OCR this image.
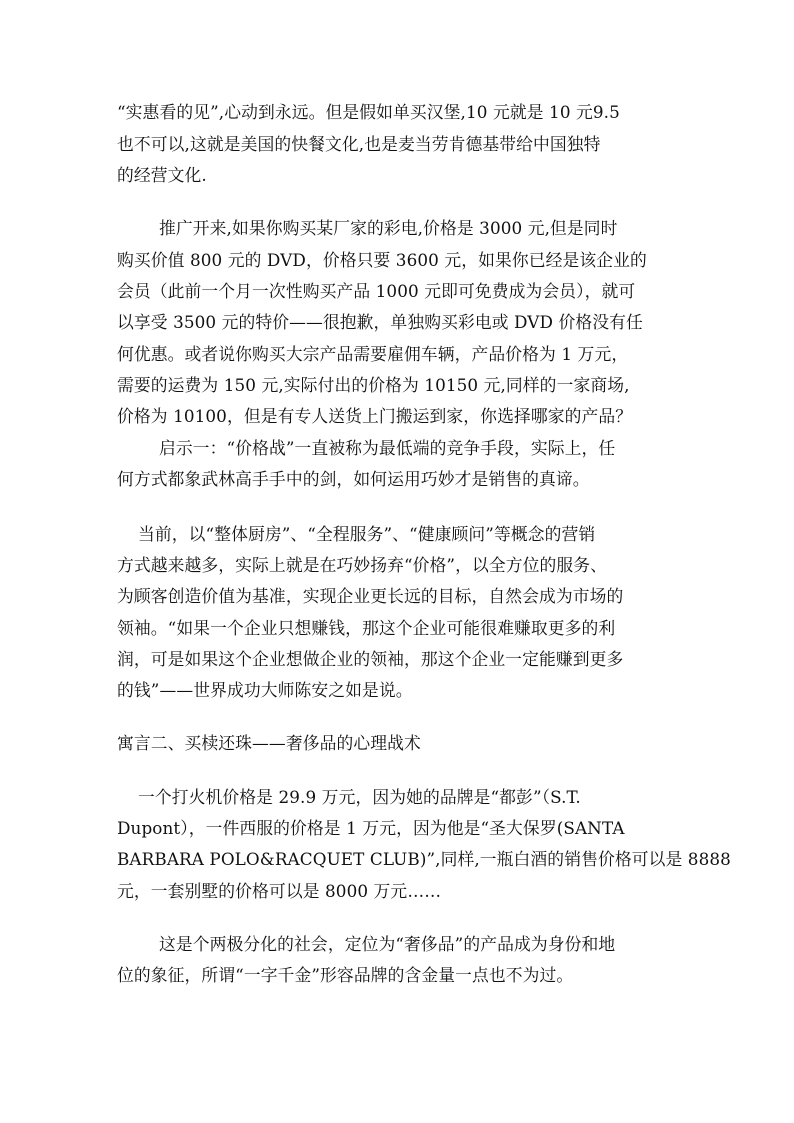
“实惠看的见”,心动到永远。但是假如单买汉堡,10 元就是 10 元9.5
也不可以,这就是美国的快餐文化,也是麦当劳肯德基带给中国独特
的经营文化.
推广开来,如果你购买某厂家的彩电,价格是 3000 元,但是同时
购买价值 800 元的 DVD，价格只要 3600 元，如果你已经是该企业的
会员（此前一个月一次性购买产品 1000 元即可免费成为会员），就可
以享受 3500 元的特价——很抱歉，单独购买彩电或 DVD 价格没有任
何优惠。或者说你购买大宗产品需要雇佣车辆，产品价格为 1 万元，
需要的运费为 150 元,实际付出的价格为 10150 元,同样的一家商场,
价格为 10100，但是有专人送货上门搬运到家，你选择哪家的产品？
启示一：“价格战”一直被称为最低端的竞争手段，实际上，任
何方式都象武林高手手中的剑，如何运用巧妙才是销售的真谛。
当前，以“整体厨房”、“全程服务”、“健康顾问”等概念的营销
方式越来越多，实际上就是在巧妙扬弃“价格”，以全方位的服务、
为顾客创造价值为基准，实现企业更长远的目标，自然会成为市场的
领袖。“如果一个企业只想赚钱，那这个企业可能很难赚取更多的利
润，可是如果这个企业想做企业的领袖，那这个企业一定能赚到更多
的钱”——世界成功大师陈安之如是说。
寓言二、买椟还珠——奢侈品的心理战术
一个打火机价格是 29.9 万元，因为她的品牌是“都彭”（S.T.
Dupont），一件西服的价格是 1 万元，因为他是“圣大保罗(SANTA
BARBARA POLO&RACQUET CLUB)”,同样,一瓶白酒的销售价格可以是 8888
元，一套别墅的价格可以是 8000 万元……
这是个两极分化的社会，定位为“奢侈品”的产品成为身份和地
位的象征，所谓“一字千金”形容品牌的含金量一点也不为过。
